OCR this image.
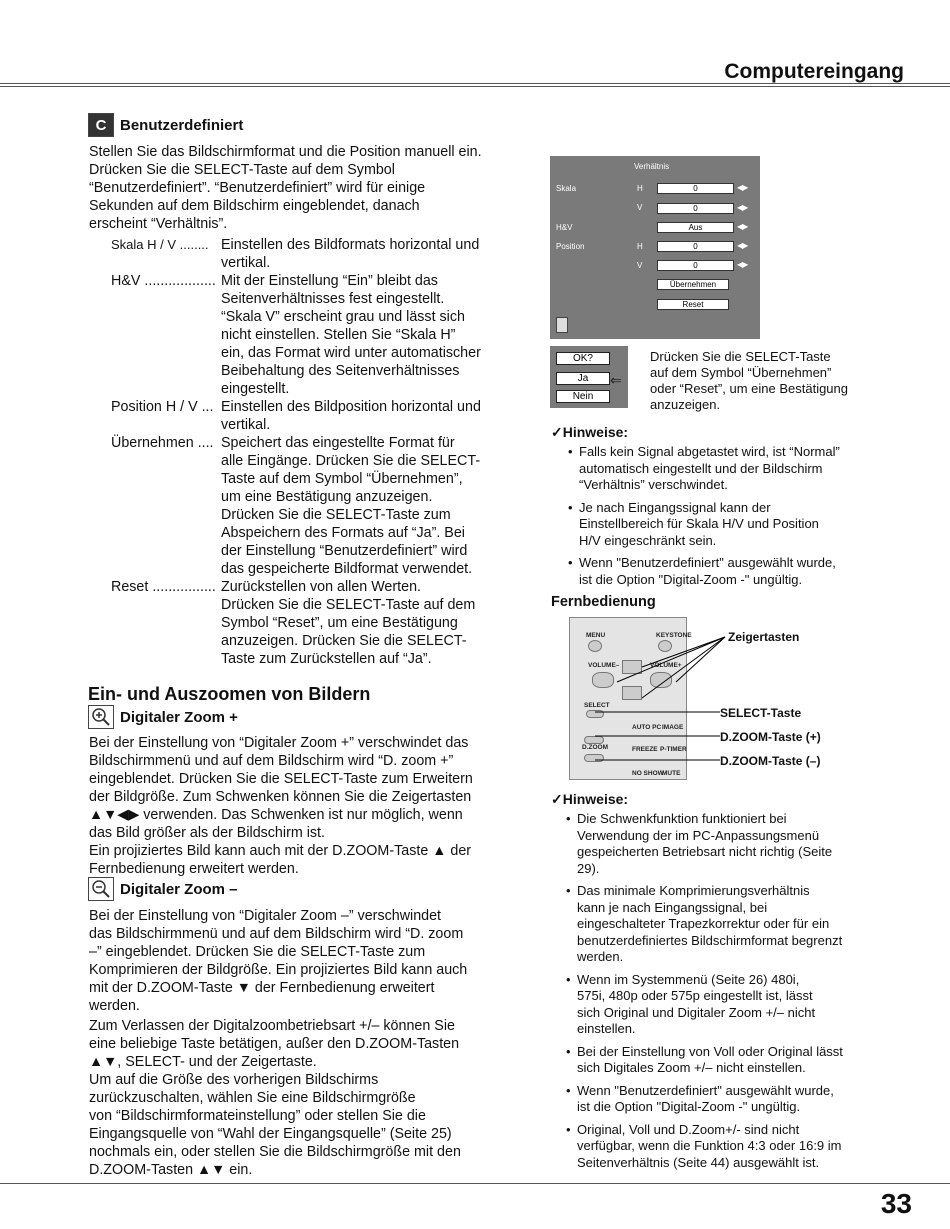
Computereingang
C Benutzerdefiniert

Stellen Sie das Bildschirmformat und die Position manuell ein.

Drücken Sie die SELECT-Taste auf dem Symbol

“Benutzerdefiniert”. “Benutzerdefiniert” wird für einige

Sekunden auf dem Bildschirm eingeblendet, danach

erscheint “Verhältnis”.

Skala H / V ........ Einstellen des Bildformats horizontal und
vertikal.
H&V .................. Mit der Einstellung “Ein” bleibt das
Seitenverhältnisses fest eingestellt.
“Skala V” erscheint grau und lässt sich
nicht einstellen. Stellen Sie “Skala H”
ein, das Format wird unter automatischer
Beibehaltung des Seitenverhältnisses
eingestellt.
Position H / V ... Einstellen des Bildposition horizontal und
vertikal.
Übernehmen .... Speichert das eingestellte Format für
alle Eingänge. Drücken Sie die SELECT-
Taste auf dem Symbol “Übernehmen”,
um eine Bestätigung anzuzeigen.
Drücken Sie die SELECT-Taste zum
Abspeichern des Formats auf “Ja”. Bei
der Einstellung “Benutzerdefiniert” wird
das gespeicherte Bildformat verwendet.
Reset ................ Zurückstellen von allen Werten.
Drücken Sie die SELECT-Taste auf dem
Symbol “Reset”, um eine Bestätigung
anzuzeigen. Drücken Sie die SELECT-
Taste zum Zurückstellen auf “Ja”.
Ein- und Auszoomen von Bildern
Digitaler Zoom +

Bei der Einstellung von “Digitaler Zoom +” verschwindet das

Bildschirmmenü und auf dem Bildschirm wird “D. zoom +”

eingeblendet. Drücken Sie die SELECT-Taste zum Erweitern

der Bildgröße. Zum Schwenken können Sie die Zeigertasten

▲▼◀▶ verwenden. Das Schwenken ist nur möglich, wenn

das Bild größer als der Bildschirm ist.

Ein projiziertes Bild kann auch mit der D.ZOOM-Taste ▲ der

Fernbedienung erweitert werden.

Digitaler Zoom –

Bei der Einstellung von “Digitaler Zoom –” verschwindet

das Bildschirmmenü und auf dem Bildschirm wird “D. zoom

–” eingeblendet. Drücken Sie die SELECT-Taste zum

Komprimieren der Bildgröße. Ein projiziertes Bild kann auch

mit der D.ZOOM-Taste ▼ der Fernbedienung erweitert

werden.

Zum Verlassen der Digitalzoombetriebsart +/– können Sie

eine beliebige Taste betätigen, außer den D.ZOOM-Tasten

▲▼, SELECT- und der Zeigertaste.

Um auf die Größe des vorherigen Bildschirms

zurückzuschalten, wählen Sie eine Bildschirmgröße

von “Bildschirmformateinstellung” oder stellen Sie die

Eingangsquelle von “Wahl der Eingangsquelle” (Seite 25)

nochmals ein, oder stellen Sie die Bildschirmgröße mit den

D.ZOOM-Tasten ▲▼ ein.

Verhältnis
Skala	H	0	◀▶
V	0	◀▶
H&V	Aus	◀▶
Position	H	0	◀▶
V	0	◀▶
Übernehmen
Reset
OK?
Ja
Nein
⇐
Drücken Sie die SELECT-Taste
auf dem Symbol “Übernehmen”
oder “Reset”, um eine Bestätigung
anzuzeigen.
✓Hinweise:
• Falls kein Signal abgetastet wird, ist “Normal”
automatisch eingestellt und der Bildschirm
“Verhältnis” verschwindet.
• Je nach Eingangssignal kann der
Einstellbereich für Skala H/V und Position
H/V eingeschränkt sein.
• Wenn "Benutzerdefiniert" ausgewählt wurde,
ist die Option "Digital-Zoom -" ungültig.
Fernbedienung
MENU	KEYSTONE
VOLUME–	VOLUME+
SELECT
AUTO PC IMAGE
D.ZOOM	FREEZE P-TIMER
NO SHOW
MUTE
Zeigertasten
SELECT-Taste
D.ZOOM-Taste (+)
D.ZOOM-Taste (–)
✓Hinweise:
• Die Schwenkfunktion funktioniert bei
Verwendung der im PC-Anpassungsmenü
gespeicherten Betriebsart nicht richtig (Seite
29).
• Das minimale Komprimierungsverhältnis
kann je nach Eingangssignal, bei
eingeschalteter Trapezkorrektur oder für ein
benutzerdefiniertes Bildschirmformat begrenzt
werden.
• Wenn im Systemmenü (Seite 26) 480i,
575i, 480p oder 575p eingestellt ist, lässt
sich Original und Digitaler Zoom +/– nicht
einstellen.
• Bei der Einstellung von Voll oder Original lässt
sich Digitales Zoom +/– nicht einstellen.
• Wenn "Benutzerdefiniert" ausgewählt wurde,
ist die Option "Digital-Zoom -" ungültig.
• Original, Voll und D.Zoom+/- sind nicht
verfügbar, wenn die Funktion 4:3 oder 16:9 im
Seitenverhältnis (Seite 44) ausgewählt ist.
33
